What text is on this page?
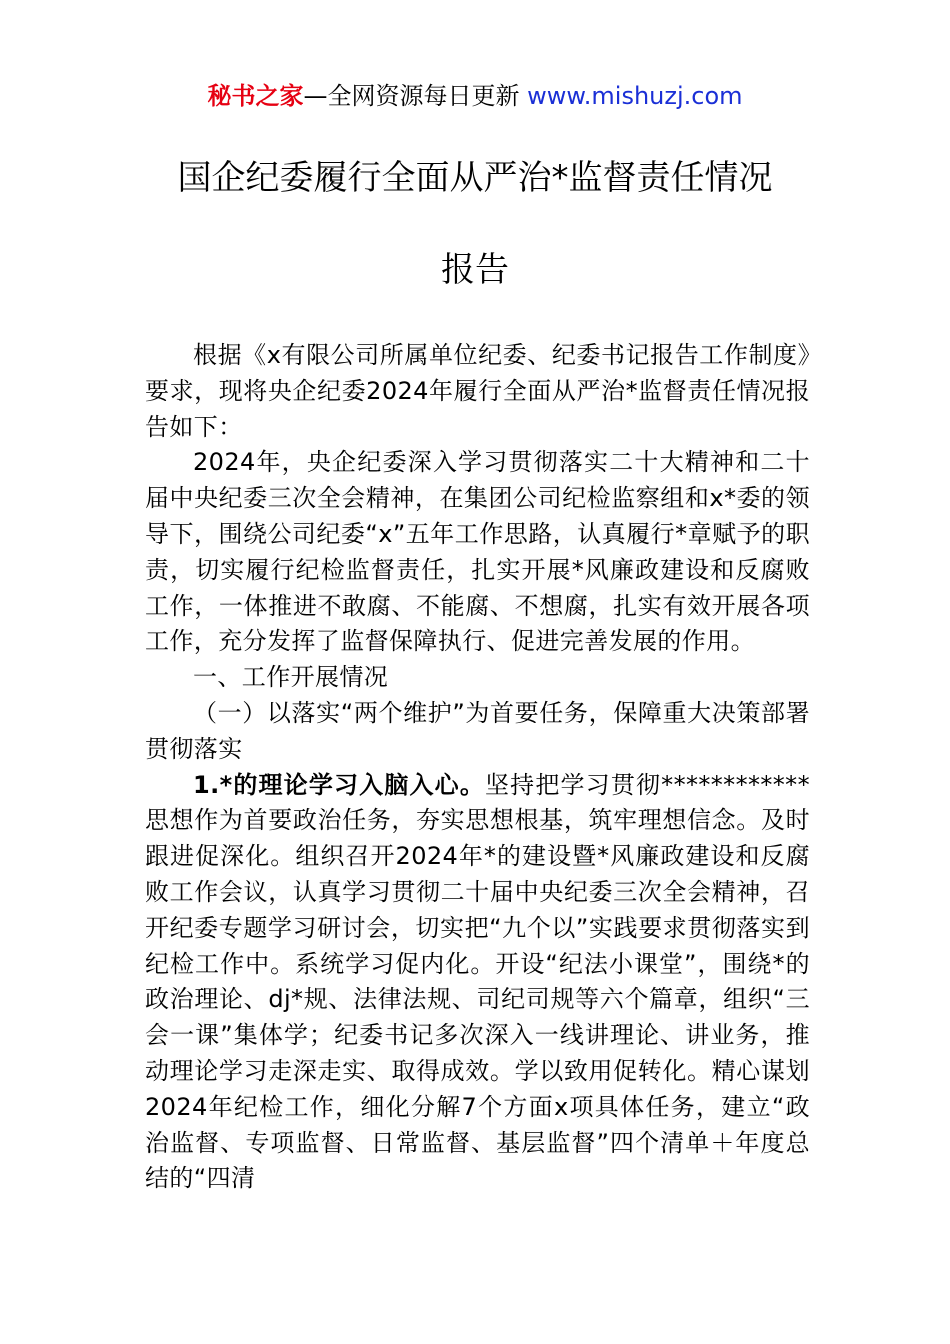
秘书之家—全网资源每日更新 www.mishuzj.com
国企纪委履行全面从严治*监督责任情况
报告

根据《x有限公司所属单位纪委、纪委书记报告工作制度》要求，现将央企纪委2024年履行全面从严治*监督责任情况报告如下：

2024年，央企纪委深入学习贯彻落实二十大精神和二十届中央纪委三次全会精神，在集团公司纪检监察组和x*委的领导下，围绕公司纪委“x”五年工作思路，认真履行*章赋予的职责，切实履行纪检监督责任，扎实开展*风廉政建设和反腐败工作，一体推进不敢腐、不能腐、不想腐，扎实有效开展各项工作，充分发挥了监督保障执行、促进完善发展的作用。

一、工作开展情况

（一）以落实“两个维护”为首要任务，保障重大决策部署贯彻落实

1.*的理论学习入脑入心。坚持把学习贯彻************思想作为首要政治任务，夯实思想根基，筑牢理想信念。及时跟进促深化。组织召开2024年*的建设暨*风廉政建设和反腐败工作会议，认真学习贯彻二十届中央纪委三次全会精神，召开纪委专题学习研讨会，切实把“九个以”实践要求贯彻落实到纪检工作中。系统学习促内化。开设“纪法小课堂”，围绕*的政治理论、dj*规、法律法规、司纪司规等六个篇章，组织“三会一课”集体学；纪委书记多次深入一线讲理论、讲业务，推动理论学习走深走实、取得成效。学以致用促转化。精心谋划2024年纪检工作，细化分解7个方面x项具体任务，建立“政治监督、专项监督、日常监督、基层监督”四个清单＋年度总结的“四清
